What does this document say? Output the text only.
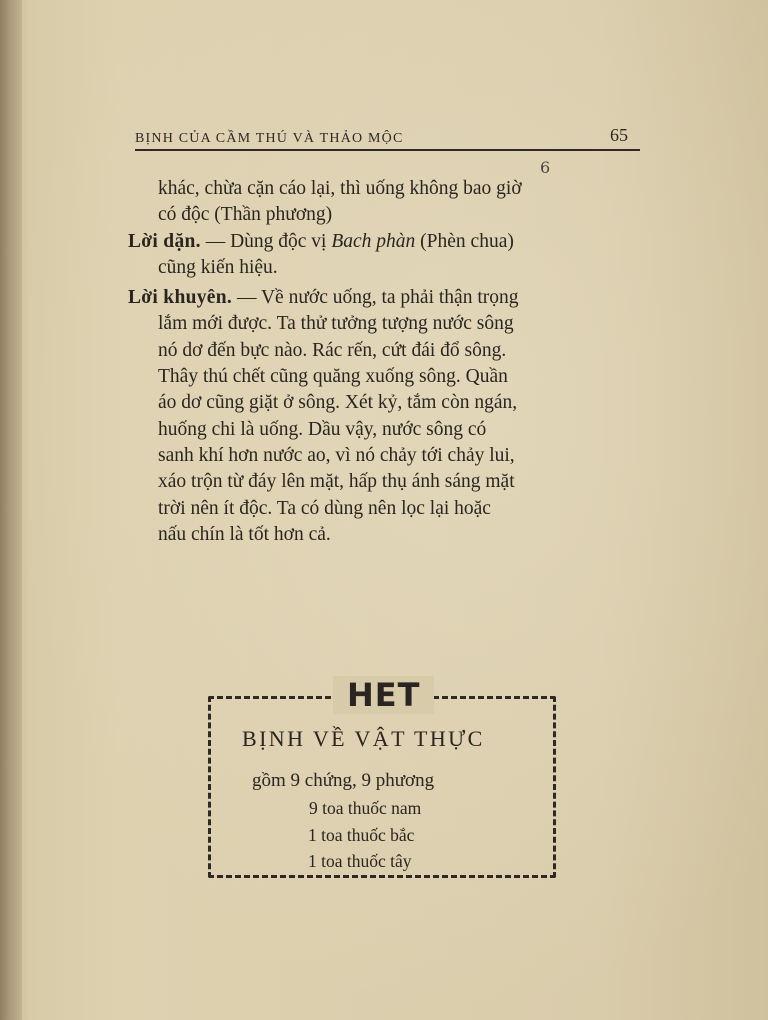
BỊNH CỦA CẦM THÚ VÀ THẢO MỘC	65
6
khác, chừa cặn cáo lại, thì uống không bao giờ
có độc (Thần phương)
Lời dặn. — Dùng độc vị Bach phàn (Phèn chua)
cũng kiến hiệu.
Lời khuyên. — Về nước uống, ta phải thận trọng
lắm mới được. Ta thử tưởng tượng nước sông
nó dơ đến bực nào. Rác rến, cứt đái đổ sông.
Thây thú chết cũng quăng xuống sông. Quần
áo dơ cũng giặt ở sông. Xét kỷ, tắm còn ngán,
huống chi là uống. Dầu vậy, nước sông có
sanh khí hơn nước ao, vì nó chảy tới chảy lui,
xáo trộn từ đáy lên mặt, hấp thụ ánh sáng mặt
trời nên ít độc. Ta có dùng nên lọc lại hoặc
nấu chín là tốt hơn cả.
HET
BỊNH VỀ VẬT THỰC
gồm 9 chứng, 9 phương
9 toa thuốc nam
1 toa thuốc bắc
1 toa thuốc tây
